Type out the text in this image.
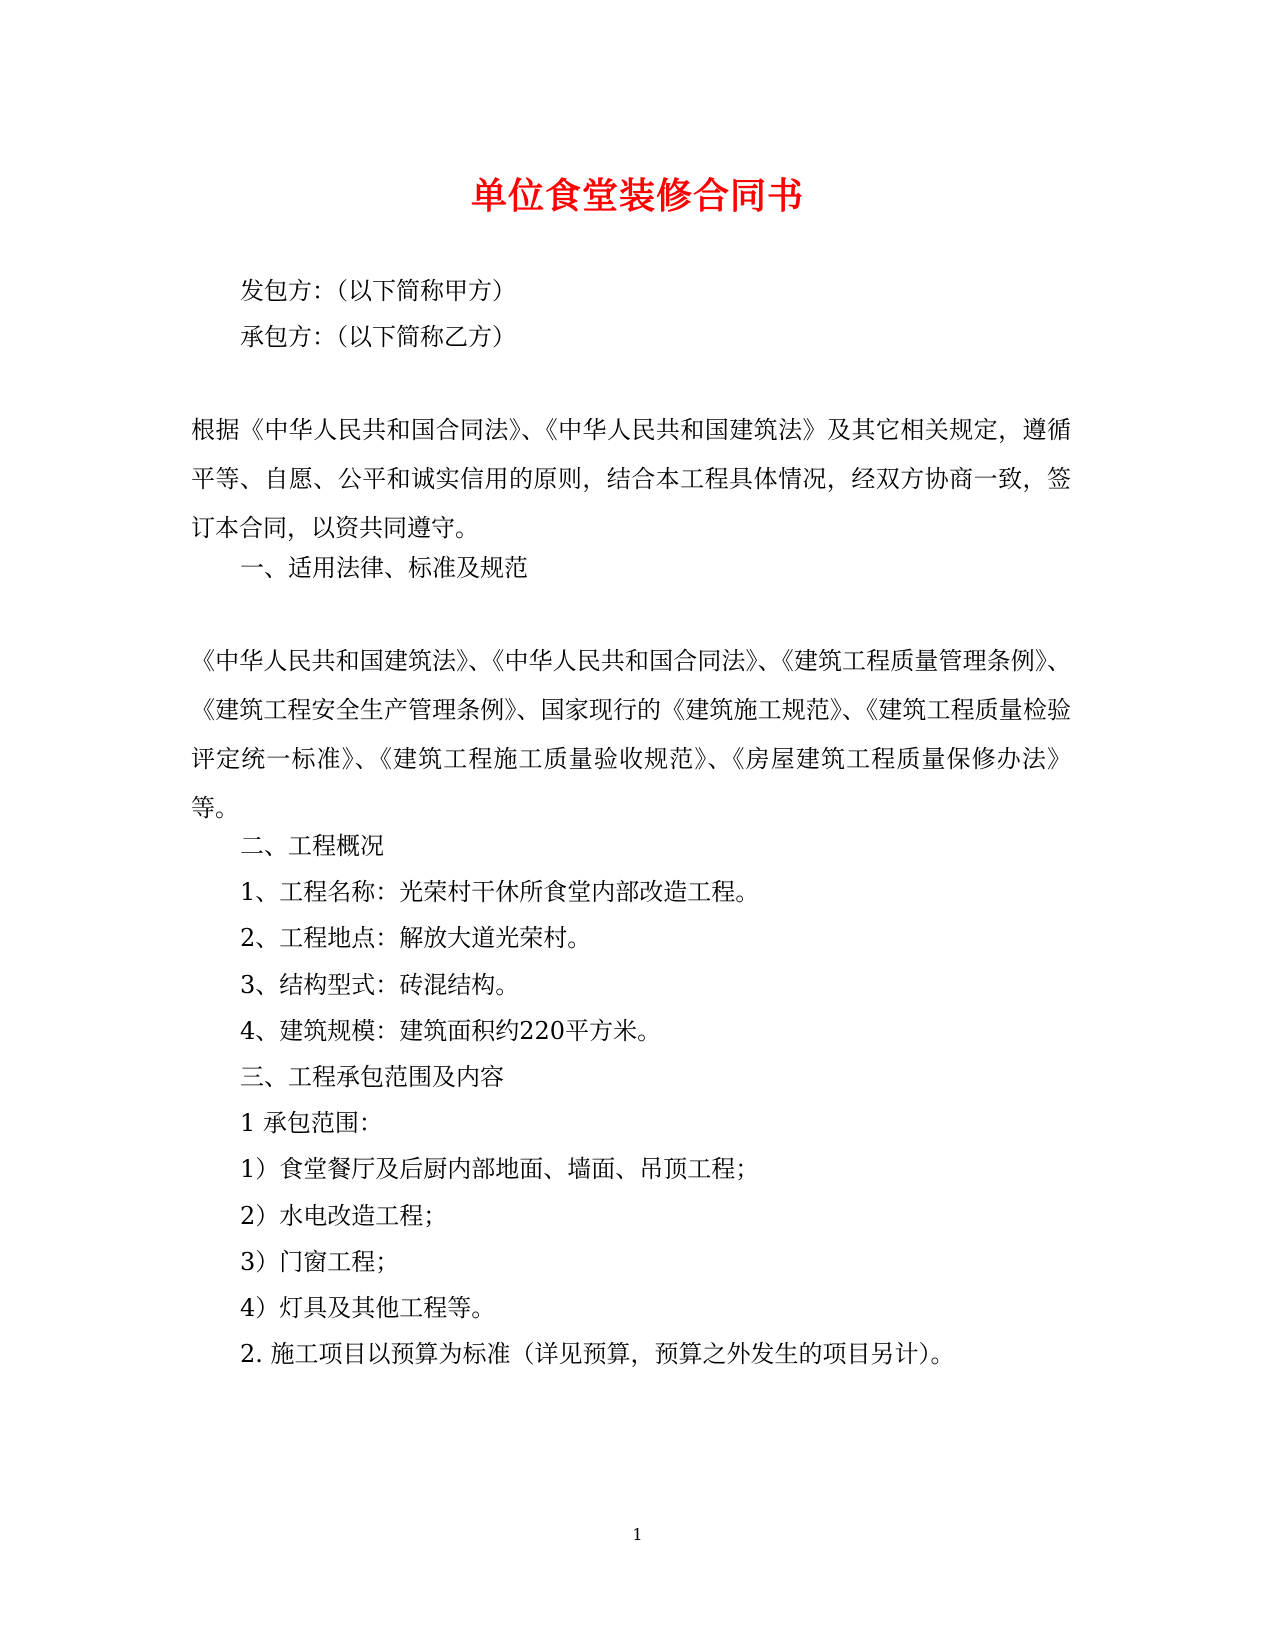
单位食堂装修合同书
发包方：（以下简称甲方）
承包方：（以下简称乙方）
根据《中华人民共和国合同法》、《中华人民共和国建筑法》及其它相关规定，遵循平等、自愿、公平和诚实信用的原则，结合本工程具体情况，经双方协商一致，签订本合同，以资共同遵守。
一、适用法律、标准及规范
《中华人民共和国建筑法》、《中华人民共和国合同法》、《建筑工程质量管理条例》、《建筑工程安全生产管理条例》、国家现行的《建筑施工规范》、《建筑工程质量检验评定统一标准》、《建筑工程施工质量验收规范》、《房屋建筑工程质量保修办法》等。
二、工程概况
1、工程名称：光荣村干休所食堂内部改造工程。
2、工程地点：解放大道光荣村。
3、结构型式：砖混结构。
4、建筑规模：建筑面积约220平方米。
三、工程承包范围及内容
1 承包范围：
1）食堂餐厅及后厨内部地面、墙面、吊顶工程；
2）水电改造工程；
3）门窗工程；
4）灯具及其他工程等。
2. 施工项目以预算为标准（详见预算，预算之外发生的项目另计）。
1
